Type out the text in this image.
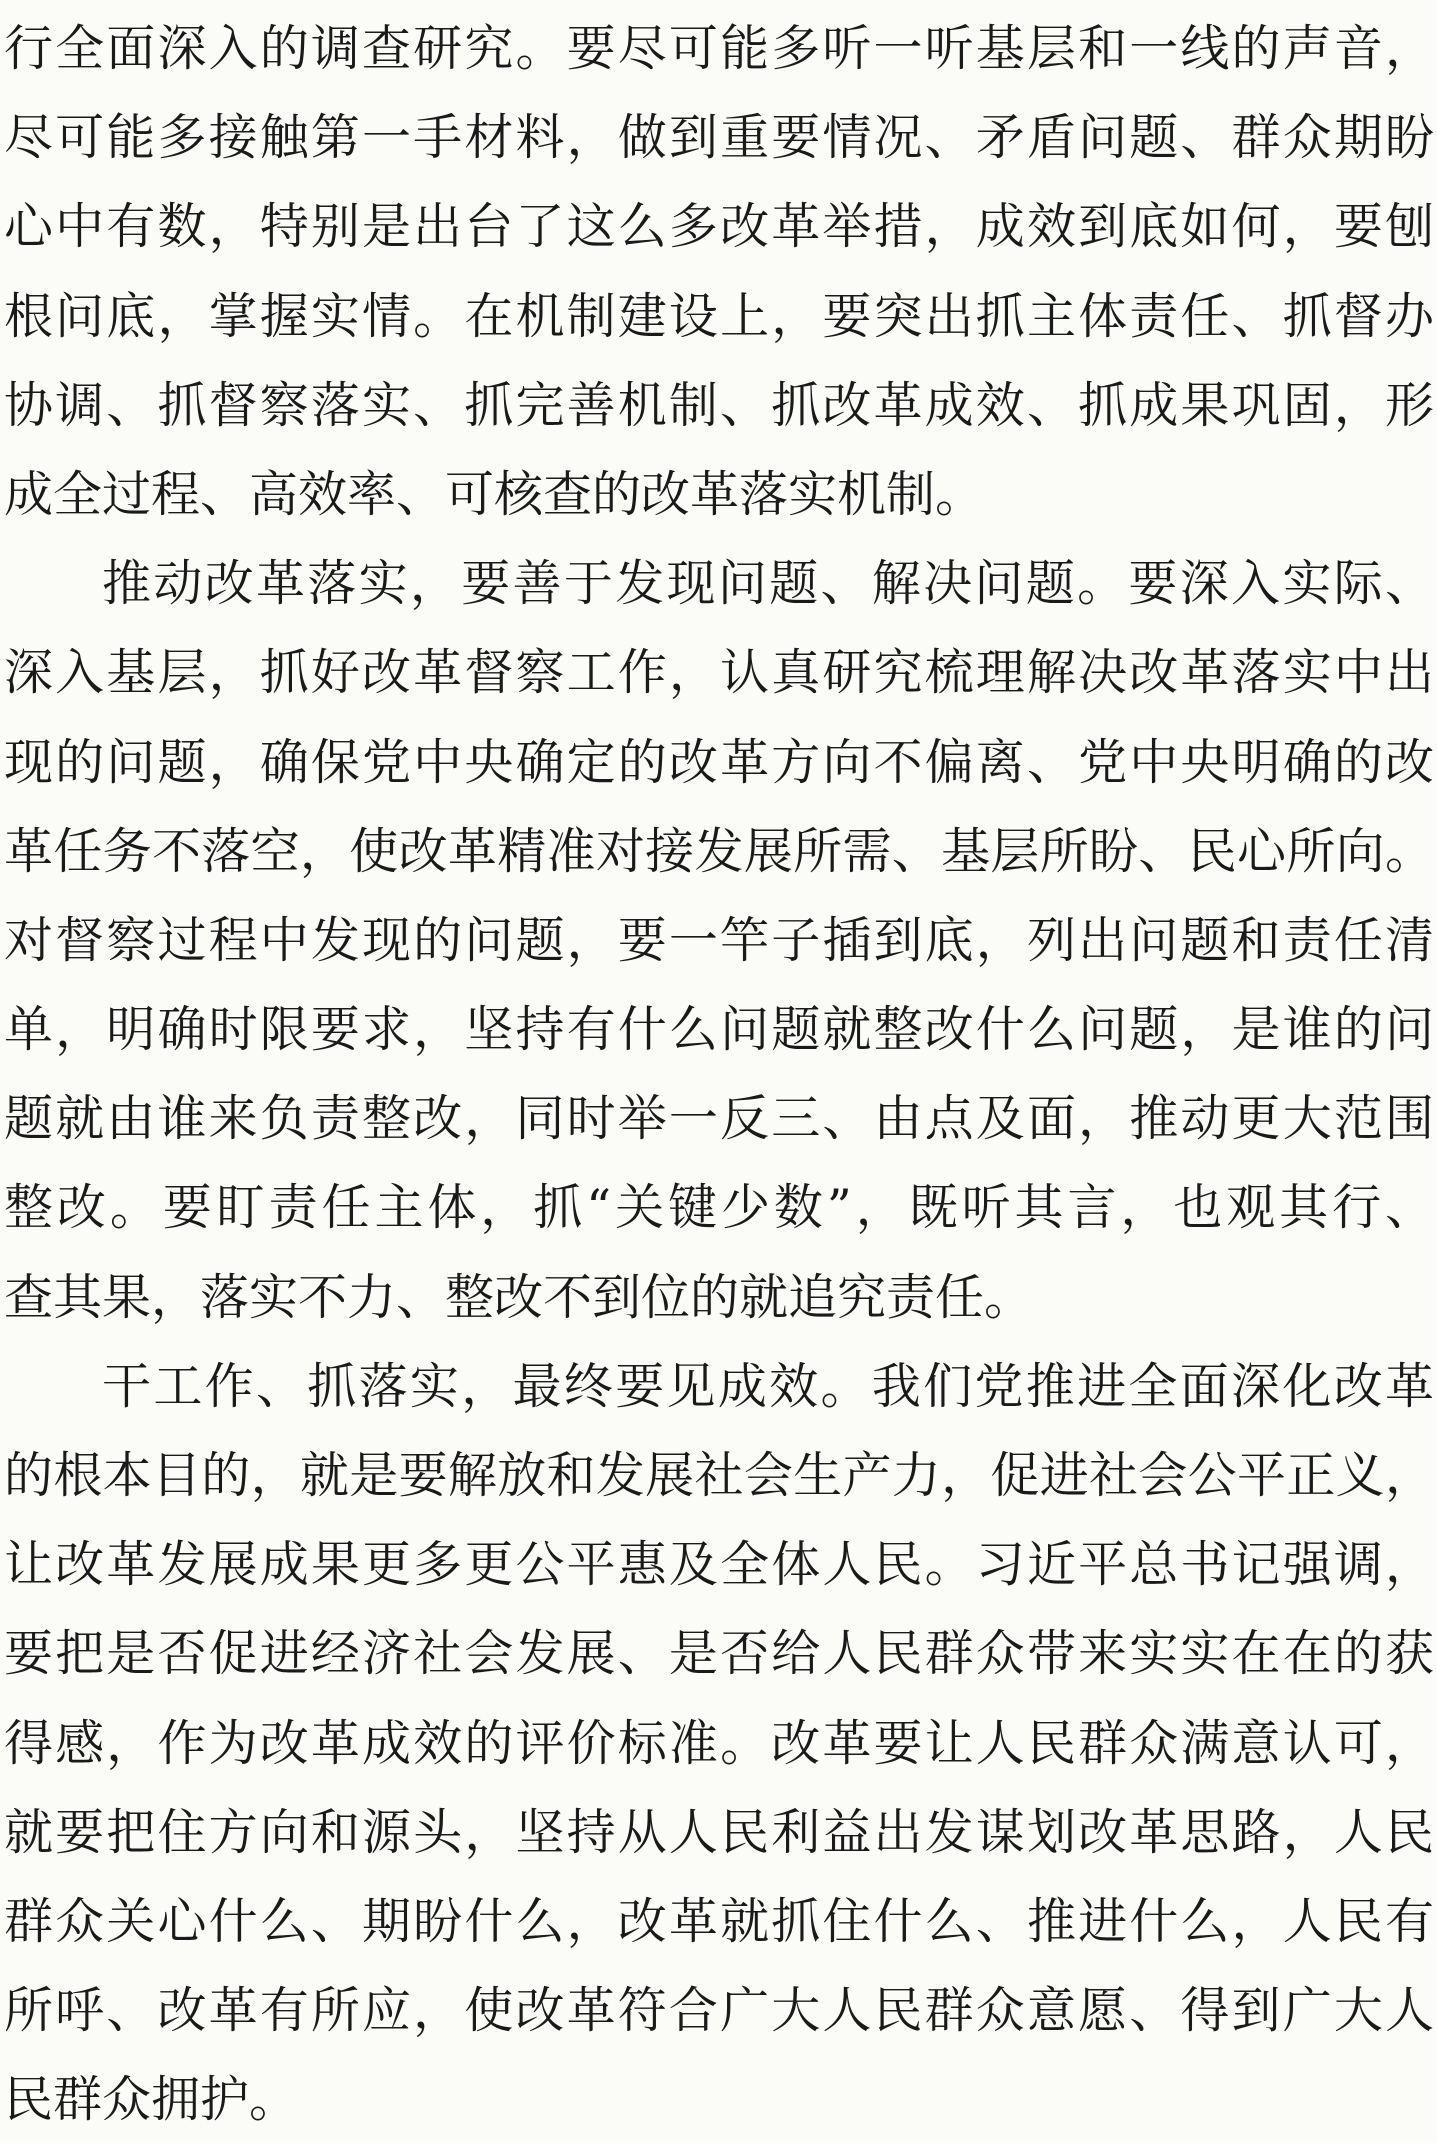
行全面深入的调查研究。要尽可能多听一听基层和一线的声音，
尽可能多接触第一手材料，做到重要情况、矛盾问题、群众期盼
心中有数，特别是出台了这么多改革举措，成效到底如何，要刨
根问底，掌握实情。在机制建设上，要突出抓主体责任、抓督办
协调、抓督察落实、抓完善机制、抓改革成效、抓成果巩固，形
成全过程、高效率、可核查的改革落实机制。
推动改革落实，要善于发现问题、解决问题。要深入实际、
深入基层，抓好改革督察工作，认真研究梳理解决改革落实中出
现的问题，确保党中央确定的改革方向不偏离、党中央明确的改
革任务不落空，使改革精准对接发展所需、基层所盼、民心所向。
对督察过程中发现的问题，要一竿子插到底，列出问题和责任清
单，明确时限要求，坚持有什么问题就整改什么问题，是谁的问
题就由谁来负责整改，同时举一反三、由点及面，推动更大范围
整改。要盯责任主体，抓“关键少数”，既听其言，也观其行、
查其果，落实不力、整改不到位的就追究责任。
干工作、抓落实，最终要见成效。我们党推进全面深化改革
的根本目的，就是要解放和发展社会生产力，促进社会公平正义，
让改革发展成果更多更公平惠及全体人民。习近平总书记强调，
要把是否促进经济社会发展、是否给人民群众带来实实在在的获
得感，作为改革成效的评价标准。改革要让人民群众满意认可，
就要把住方向和源头，坚持从人民利益出发谋划改革思路，人民
群众关心什么、期盼什么，改革就抓住什么、推进什么，人民有
所呼、改革有所应，使改革符合广大人民群众意愿、得到广大人
民群众拥护。
